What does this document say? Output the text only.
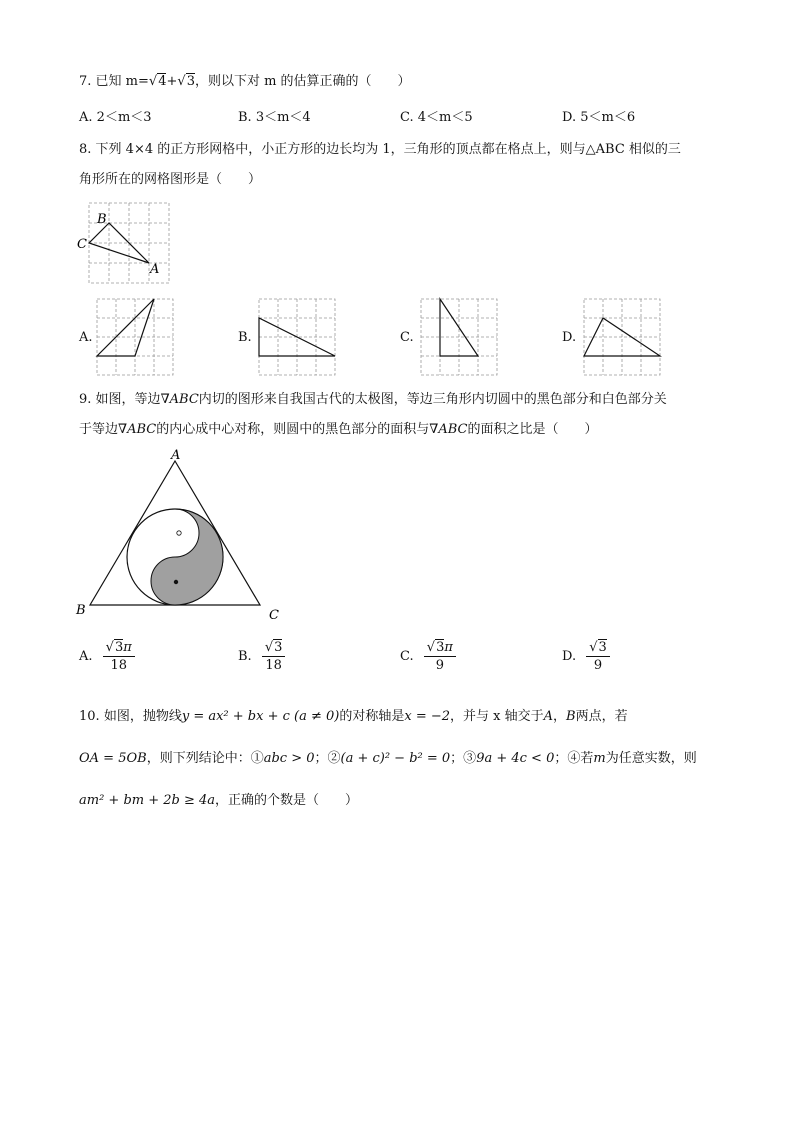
7. 已知 m=√4+√3，则以下对 m 的估算正确的（　　）
A. 2＜m＜3	B. 3＜m＜4	C. 4＜m＜5	D. 5＜m＜6
8. 下列 4×4 的正方形网格中，小正方形的边长均为 1，三角形的顶点都在格点上，则与△ABC 相似的三
角形所在的网格图形是（　　）
B
C
A
A.	B.	C.	D.
9. 如图，等边∇ABC内切的图形来自我国古代的太极图，等边三角形内切圆中的黑色部分和白色部分关
于等边∇ABC的内心成中心对称，则圆中的黑色部分的面积与∇ABC的面积之比是（　　）
A
B	C
A. $\frac{√3\pi}{18}$	B. $\frac{√3}{18}$	C. $\frac{√3\pi}{9}$	D. $\frac{√3}{9}$
10. 如图，抛物线y = ax² + bx + c (a ≠ 0)的对称轴是x = −2，并与 x 轴交于A，B两点，若
OA = 5OB，则下列结论中：①abc > 0；②(a + c)² − b² = 0；③9a + 4c < 0；④若m为任意实数，则
am² + bm + 2b ≥ 4a，正确的个数是（　　）
